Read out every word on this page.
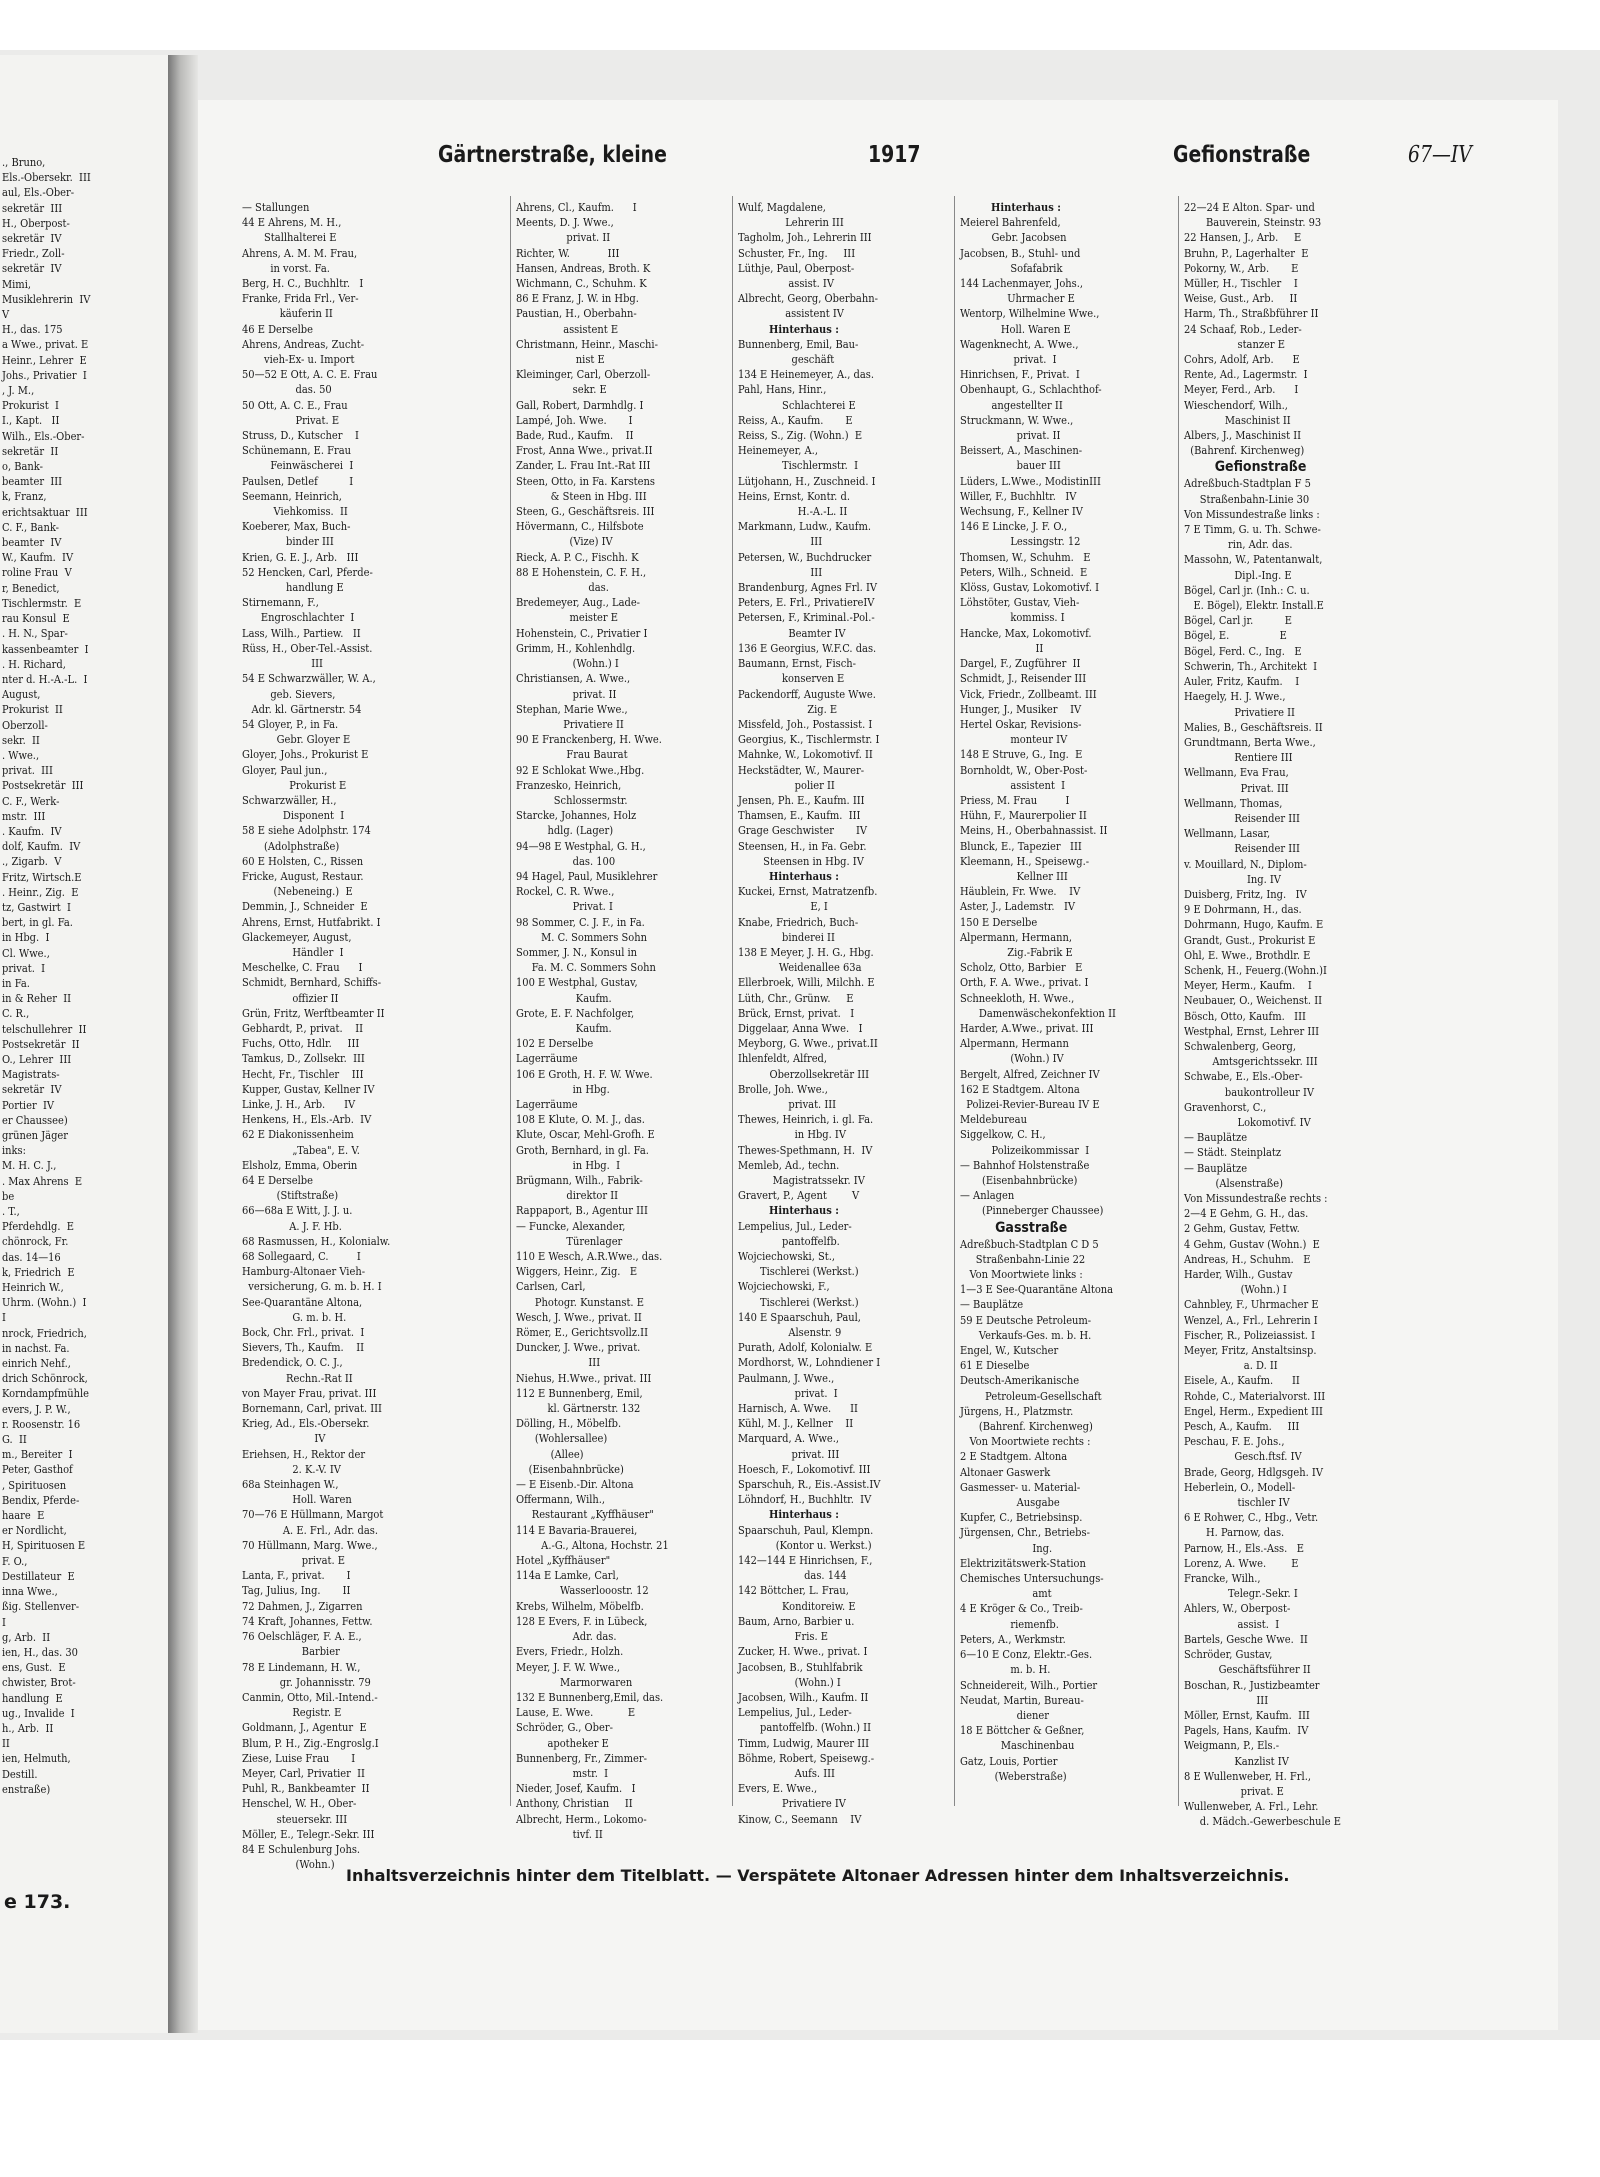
., Bruno,
Els.-Obersekr.  III
aul, Els.-Ober-
sekretär  III
H., Oberpost-
sekretär  IV
Friedr., Zoll-
sekretär  IV
Mimi,
Musiklehrerin  IV
V
H., das. 175
a Wwe., privat. E
Heinr., Lehrer  E
Johs., Privatier  I
, J. M.,
Prokurist  I
I., Kapt.   II
Wilh., Els.-Ober-
sekretär  II
o, Bank-
beamter  III
k, Franz,
erichtsaktuar  III
C. F., Bank-
beamter  IV
W., Kaufm.  IV
roline Frau  V
r, Benedict,
Tischlermstr.  E
rau Konsul  E
. H. N., Spar-
kassenbeamter  I
. H. Richard,
nter d. H.-A.-L.  I
August,
Prokurist  II
Oberzoll-
sekr.  II
. Wwe.,
privat.  III
Postsekretär  III
C. F., Werk-
mstr.  III
. Kaufm.  IV
dolf, Kaufm.  IV
., Zigarb.  V
Fritz, Wirtsch.E
. Heinr., Zig.  E
tz, Gastwirt  I
bert, in gl. Fa.
in Hbg.  I
Cl. Wwe.,
privat.  I
in Fa.
in & Reher  II
C. R.,
telschullehrer  II
Postsekretär  II
O., Lehrer  III
Magistrats-
sekretär  IV
Portier  IV
er Chaussee)
grünen Jäger
inks:
M. H. C. J.,
. Max Ahrens  E
be
. T.,
Pferdehdlg.  E
chönrock, Fr.
das. 14—16
k, Friedrich  E
Heinrich W.,
Uhrm. (Wohn.)  I
I
nrock, Friedrich,
in nachst. Fa.
einrich Nehf.,
drich Schönrock,
Korndampfmühle
evers, J. P. W.,
r. Roosenstr. 16
G.  II
m., Bereiter  I
Peter, Gasthof
, Spirituosen
Bendix, Pferde-
haare  E
er Nordlicht,
H, Spirituosen E
F. O.,
Destillateur  E
inna Wwe.,
ßig. Stellenver-
I
g, Arb.  II
ien, H., das. 30
ens, Gust.  E
chwister, Brot-
handlung  E
ug., Invalide  I
h., Arb.  II
II
ien, Helmuth,
Destill.
enstraße)
e 173.
Gärtnerstraße, kleine	1917	Gefionstraße	67—IV
— Stallungen
44 E Ahrens, M. H.,
Stallhalterei E
Ahrens, A. M. M. Frau,
in vorst. Fa.
Berg, H. C., Buchhltr.   I
Franke, Frida Frl., Ver-
käuferin II
46 E Derselbe
Ahrens, Andreas, Zucht-
vieh-Ex- u. Import
50—52 E Ott, A. C. E. Frau
das. 50
50 Ott, A. C. E., Frau
Privat. E
Struss, D., Kutscher    I
Schünemann, E. Frau
Feinwäscherei  I
Paulsen, Detlef          I
Seemann, Heinrich,
Viehkomiss.  II
Koeberer, Max, Buch-
binder III
Krien, G. E. J., Arb.   III
52 Hencken, Carl, Pferde-
handlung E
Stirnemann, F.,
Engroschlachter  I
Lass, Wilh., Partiew.   II
Rüss, H., Ober-Tel.-Assist.
III
54 E Schwarzwäller, W. A.,
geb. Sievers,
Adr. kl. Gärtnerstr. 54
54 Gloyer, P., in Fa.
Gebr. Gloyer E
Gloyer, Johs., Prokurist E
Gloyer, Paul jun.,
Prokurist E
Schwarzwäller, H.,
Disponent  I
58 E siehe Adolphstr. 174
(Adolphstraße)
60 E Holsten, C., Rissen
Fricke, August, Restaur.
(Nebeneing.)  E
Demmin, J., Schneider  E
Ahrens, Ernst, Hutfabrikt. I
Glackemeyer, August,
Händler  I
Meschelke, C. Frau      I
Schmidt, Bernhard, Schiffs-
offizier II
Grün, Fritz, Werftbeamter II
Gebhardt, P., privat.    II
Fuchs, Otto, Hdlr.     III
Tamkus, D., Zollsekr.  III
Hecht, Fr., Tischler    III
Kupper, Gustav, Kellner IV
Linke, J. H., Arb.      IV
Henkens, H., Els.-Arb.  IV
62 E Diakonissenheim
„Tabea", E. V.
Elsholz, Emma, Oberin
64 E Derselbe
(Stiftstraße)
66—68a E Witt, J. J. u.
A. J. F. Hb.
68 Rasmussen, H., Kolonialw.
68 Sollegaard, C.         I
Hamburg-Altonaer Vieh-
versicherung, G. m. b. H. I
See-Quarantäne Altona,
G. m. b. H.
Bock, Chr. Frl., privat.  I
Sievers, Th., Kaufm.    II
Bredendick, O. C. J.,
Rechn.-Rat II
von Mayer Frau, privat. III
Bornemann, Carl, privat. III
Krieg, Ad., Els.-Obersekr.
IV
Eriehsen, H., Rektor der
2. K.-V. IV
68a Steinhagen W.,
Holl. Waren
70—76 E Hüllmann, Margot
A. E. Frl., Adr. das.
70 Hüllmann, Marg. Wwe.,
privat. E
Lanta, F., privat.       I
Tag, Julius, Ing.       II
72 Dahmen, J., Zigarren
74 Kraft, Johannes, Fettw.
76 Oelschläger, F. A. E.,
Barbier
78 E Lindemann, H. W.,
gr. Johannisstr. 79
Canmin, Otto, Mil.-Intend.-
Registr. E
Goldmann, J., Agentur  E
Blum, P. H., Zig.-Engroslg.I
Ziese, Luise Frau       I
Meyer, Carl, Privatier  II
Puhl, R., Bankbeamter  II
Henschel, W. H., Ober-
steuersekr. III
Möller, E., Telegr.-Sekr. III
84 E Schulenburg Johs.
(Wohn.)
Ahrens, Cl., Kaufm.      I
Meents, D. J. Wwe.,
privat. II
Richter, W.            III
Hansen, Andreas, Broth. K
Wichmann, C., Schuhm. K
86 E Franz, J. W. in Hbg.
Paustian, H., Oberbahn-
assistent E
Christmann, Heinr., Maschi-
nist E
Kleiminger, Carl, Oberzoll-
sekr. E
Gall, Robert, Darmhdlg. I
Lampé, Joh. Wwe.       I
Bade, Rud., Kaufm.    II
Frost, Anna Wwe., privat.II
Zander, L. Frau Int.-Rat III
Steen, Otto, in Fa. Karstens
& Steen in Hbg. III
Steen, G., Geschäftsreis. III
Hövermann, C., Hilfsbote
(Vize) IV
Rieck, A. P. C., Fischh. K
88 E Hohenstein, C. F. H.,
das.
Bredemeyer, Aug., Lade-
meister E
Hohenstein, C., Privatier I
Grimm, H., Kohlenhdlg.
(Wohn.) I
Christiansen, A. Wwe.,
privat. II
Stephan, Marie Wwe.,
Privatiere II
90 E Franckenberg, H. Wwe.
Frau Baurat
92 E Schlokat Wwe.,Hbg.
Franzesko, Heinrich,
Schlossermstr.
Starcke, Johannes, Holz
hdlg. (Lager)
94—98 E Westphal, G. H.,
das. 100
94 Hagel, Paul, Musiklehrer
Rockel, C. R. Wwe.,
Privat. I
98 Sommer, C. J. F., in Fa.
M. C. Sommers Sohn
Sommer, J. N., Konsul in
Fa. M. C. Sommers Sohn
100 E Westphal, Gustav,
Kaufm.
Grote, E. F. Nachfolger,
Kaufm.
102 E Derselbe
Lagerräume
106 E Groth, H. F. W. Wwe.
in Hbg.
Lagerräume
108 E Klute, O. M. J., das.
Klute, Oscar, Mehl-Grofh. E
Groth, Bernhard, in gl. Fa.
in Hbg.  I
Brügmann, Wilh., Fabrik-
direktor II
Rappaport, B., Agentur III
— Funcke, Alexander,
Türenlager
110 E Wesch, A.R.Wwe., das.
Wiggers, Heinr., Zig.   E
Carlsen, Carl,
Photogr. Kunstanst. E
Wesch, J. Wwe., privat. II
Römer, E., Gerichtsvollz.II
Duncker, J. Wwe., privat.
III
Niehus, H.Wwe., privat. III
112 E Bunnenberg, Emil,
kl. Gärtnerstr. 132
Dölling, H., Möbelfb.
(Wohlersallee)
(Allee)
(Eisenbahnbrücke)
— E Eisenb.-Dir. Altona
Offermann, Wilh.,
Restaurant „Kyffhäuser"
114 E Bavaria-Brauerei,
A.-G., Altona, Hochstr. 21
Hotel „Kyffhäuser"
114a E Lamke, Carl,
Wasserlooostr. 12
Krebs, Wilhelm, Möbelfb.
128 E Evers, F. in Lübeck,
Adr. das.
Evers, Friedr., Holzh.
Meyer, J. F. W. Wwe.,
Marmorwaren
132 E Bunnenberg,Emil, das.
Lause, E. Wwe.           E
Schröder, G., Ober-
apotheker E
Bunnenberg, Fr., Zimmer-
mstr.  I
Nieder, Josef, Kaufm.   I
Anthony, Christian     II
Albrecht, Herm., Lokomo-
tivf. II
Wulf, Magdalene,
Lehrerin III
Tagholm, Joh., Lehrerin III
Schuster, Fr., Ing.     III
Lüthje, Paul, Oberpost-
assist. IV
Albrecht, Georg, Oberbahn-
assistent IV
Hinterhaus :
Bunnenberg, Emil, Bau-
geschäft
134 E Heinemeyer, A., das.
Pahl, Hans, Hinr.,
Schlachterei E
Reiss, A., Kaufm.       E
Reiss, S., Zig. (Wohn.)  E
Heinemeyer, A.,
Tischlermstr.  I
Lütjohann, H., Zuschneid. I
Heins, Ernst, Kontr. d.
H.-A.-L. II
Markmann, Ludw., Kaufm.
III
Petersen, W., Buchdrucker
III
Brandenburg, Agnes Frl. IV
Peters, E. Frl., PrivatiereIV
Petersen, F., Kriminal.-Pol.-
Beamter IV
136 E Georgius, W.F.C. das.
Baumann, Ernst, Fisch-
konserven E
Packendorff, Auguste Wwe.
Zig. E
Missfeld, Joh., Postassist. I
Georgius, K., Tischlermstr. I
Mahnke, W., Lokomotivf. II
Heckstädter, W., Maurer-
polier II
Jensen, Ph. E., Kaufm. III
Thamsen, E., Kaufm.  III
Grage Geschwister       IV
Steensen, H., in Fa. Gebr.
Steensen in Hbg. IV
Hinterhaus :
Kuckei, Ernst, Matratzenfb.
E, I
Knabe, Friedrich, Buch-
binderei II
138 E Meyer, J. H. G., Hbg.
Weidenallee 63a
Ellerbroek, Willi, Milchh. E
Lüth, Chr., Grünw.     E
Brück, Ernst, privat.   I
Diggelaar, Anna Wwe.   I
Meyborg, G. Wwe., privat.II
Ihlenfeldt, Alfred,
Oberzollsekretär III
Brolle, Joh. Wwe.,
privat. III
Thewes, Heinrich, i. gl. Fa.
in Hbg. IV
Thewes-Spethmann, H.  IV
Memleb, Ad., techn.
Magistratssekr. IV
Gravert, P., Agent        V
Hinterhaus :
Lempelius, Jul., Leder-
pantoffelfb.
Wojciechowski, St.,
Tischlerei (Werkst.)
Wojciechowski, F.,
Tischlerei (Werkst.)
140 E Spaarschuh, Paul,
Alsenstr. 9
Purath, Adolf, Kolonialw. E
Mordhorst, W., Lohndiener I
Paulmann, J. Wwe.,
privat.  I
Harnisch, A. Wwe.      II
Kühl, M. J., Kellner    II
Marquard, A. Wwe.,
privat. III
Hoesch, F., Lokomotivf. III
Sparschuh, R., Eis.-Assist.IV
Löhndorf, H., Buchhltr.  IV
Hinterhaus :
Spaarschuh, Paul, Klempn.
(Kontor u. Werkst.)
142—144 E Hinrichsen, F.,
das. 144
142 Böttcher, L. Frau,
Konditoreiw. E
Baum, Arno, Barbier u.
Fris. E
Zucker, H. Wwe., privat. I
Jacobsen, B., Stuhlfabrik
(Wohn.) I
Jacobsen, Wilh., Kaufm. II
Lempelius, Jul., Leder-
pantoffelfb. (Wohn.) II
Timm, Ludwig, Maurer III
Böhme, Robert, Speisewg.-
Aufs. III
Evers, E. Wwe.,
Privatiere IV
Kinow, C., Seemann    IV
Hinterhaus :
Meierel Bahrenfeld,
Gebr. Jacobsen
Jacobsen, B., Stuhl- und
Sofafabrik
144 Lachenmayer, Johs.,
Uhrmacher E
Wentorp, Wilhelmine Wwe.,
Holl. Waren E
Wagenknecht, A. Wwe.,
privat.  I
Hinrichsen, F., Privat.  I
Obenhaupt, G., Schlachthof-
angestellter II
Struckmann, W. Wwe.,
privat. II
Beissert, A., Maschinen-
bauer III
Lüders, L.Wwe., ModistinIII
Willer, F., Buchhltr.   IV
Wechsung, F., Kellner IV
146 E Lincke, J. F. O.,
Lessingstr. 12
Thomsen, W., Schuhm.   E
Peters, Wilh., Schneid.  E
Klöss, Gustav, Lokomotivf. I
Löhstöter, Gustav, Vieh-
kommiss. I
Hancke, Max, Lokomotivf.
II
Dargel, F., Zugführer  II
Schmidt, J., Reisender III
Vick, Friedr., Zollbeamt. III
Hunger, J., Musiker    IV
Hertel Oskar, Revisions-
monteur IV
148 E Struve, G., Ing.  E
Bornholdt, W., Ober-Post-
assistent  I
Priess, M. Frau         I
Hühn, F., Maurerpolier II
Meins, H., Oberbahnassist. II
Blunck, E., Tapezier   III
Kleemann, H., Speisewg.-
Kellner III
Häublein, Fr. Wwe.    IV
Aster, J., Lademstr.   IV
150 E Derselbe
Alpermann, Hermann,
Zig.-Fabrik E
Scholz, Otto, Barbier   E
Orth, F. A. Wwe., privat. I
Schneekloth, H. Wwe.,
Damenwäschekonfektion II
Harder, A.Wwe., privat. III
Alpermann, Hermann
(Wohn.) IV
Bergelt, Alfred, Zeichner IV
162 E Stadtgem. Altona
Polizei-Revier-Bureau IV E
Meldebureau
Siggelkow, C. H.,
Polizeikommissar  I
— Bahnhof Holstenstraße
(Eisenbahnbrücke)
— Anlagen
(Pinneberger Chaussee)
Gasstraße
Adreßbuch-Stadtplan C D 5
Straßenbahn-Linie 22
Von Moortwiete links :
1—3 E See-Quarantäne Altona
— Bauplätze
59 E Deutsche Petroleum-
Verkaufs-Ges. m. b. H.
Engel, W., Kutscher
61 E Dieselbe
Deutsch-Amerikanische
Petroleum-Gesellschaft
Jürgens, H., Platzmstr.
(Bahrenf. Kirchenweg)
Von Moortwiete rechts :
2 E Stadtgem. Altona
Altonaer Gaswerk
Gasmesser- u. Material-
Ausgabe
Kupfer, C., Betriebsinsp.
Jürgensen, Chr., Betriebs-
Ing.
Elektrizitätswerk-Station
Chemisches Untersuchungs-
amt
4 E Kröger & Co., Treib-
riemenfb.
Peters, A., Werkmstr.
6—10 E Conz, Elektr.-Ges.
m. b. H.
Schneidereit, Wilh., Portier
Neudat, Martin, Bureau-
diener
18 E Böttcher & Geßner,
Maschinenbau
Gatz, Louis, Portier
(Weberstraße)
22—24 E Alton. Spar- und
Bauverein, Steinstr. 93
22 Hansen, J., Arb.     E
Bruhn, P., Lagerhalter  E
Pokorny, W., Arb.       E
Müller, H., Tischler    I
Weise, Gust., Arb.     II
Harm, Th., Straßbführer II
24 Schaaf, Rob., Leder-
stanzer E
Cohrs, Adolf, Arb.      E
Rente, Ad., Lagermstr.  I
Meyer, Ferd., Arb.      I
Wieschendorf, Wilh.,
Maschinist II
Albers, J., Maschinist II
(Bahrenf. Kirchenweg)
Gefionstraße
Adreßbuch-Stadtplan F 5
Straßenbahn-Linie 30
Von Missundestraße links :
7 E Timm, G. u. Th. Schwe-
rin, Adr. das.
Massohn, W., Patentanwalt,
Dipl.-Ing. E
Bögel, Carl jr. (Inh.: C. u.
E. Bögel), Elektr. Install.E
Bögel, Carl jr.          E
Bögel, E.                E
Bögel, Ferd. C., Ing.   E
Schwerin, Th., Architekt  I
Auler, Fritz, Kaufm.    I
Haegely, H. J. Wwe.,
Privatiere II
Malies, B., Geschäftsreis. II
Grundtmann, Berta Wwe.,
Rentiere III
Wellmann, Eva Frau,
Privat. III
Wellmann, Thomas,
Reisender III
Wellmann, Lasar,
Reisender III
v. Mouillard, N., Diplom-
Ing. IV
Duisberg, Fritz, Ing.   IV
9 E Dohrmann, H., das.
Dohrmann, Hugo, Kaufm. E
Grandt, Gust., Prokurist E
Ohl, E. Wwe., Brothdlr. E
Schenk, H., Feuerg.(Wohn.)I
Meyer, Herm., Kaufm.    I
Neubauer, O., Weichenst. II
Bösch, Otto, Kaufm.   III
Westphal, Ernst, Lehrer III
Schwalenberg, Georg,
Amtsgerichtssekr. III
Schwabe, E., Els.-Ober-
baukontrolleur IV
Gravenhorst, C.,
Lokomotivf. IV
— Bauplätze
— Städt. Steinplatz
— Bauplätze
(Alsenstraße)
Von Missundestraße rechts :
2—4 E Gehm, G. H., das.
2 Gehm, Gustav, Fettw.
4 Gehm, Gustav (Wohn.)  E
Andreas, H., Schuhm.   E
Harder, Wilh., Gustav
(Wohn.) I
Cahnbley, F., Uhrmacher E
Wenzel, A., Frl., Lehrerin I
Fischer, R., Polizeiassist. I
Meyer, Fritz, Anstaltsinsp.
a. D. II
Eisele, A., Kaufm.      II
Rohde, C., Materialvorst. III
Engel, Herm., Expedient III
Pesch, A., Kaufm.     III
Peschau, F. E. Johs.,
Gesch.ftsf. IV
Brade, Georg, Hdlgsgeh. IV
Heberlein, O., Modell-
tischler IV
6 E Rohwer, C., Hbg., Vetr.
H. Parnow, das.
Parnow, H., Els.-Ass.   E
Lorenz, A. Wwe.        E
Francke, Wilh.,
Telegr.-Sekr. I
Ahlers, W., Oberpost-
assist.  I
Bartels, Gesche Wwe.  II
Schröder, Gustav,
Geschäftsführer II
Boschan, R., Justizbeamter
III
Möller, Ernst, Kaufm.  III
Pagels, Hans, Kaufm.  IV
Weigmann, P., Els.-
Kanzlist IV
8 E Wullenweber, H. Frl.,
privat. E
Wullenweber, A. Frl., Lehr.
d. Mädch.-Gewerbeschule E
Inhaltsverzeichnis hinter dem Titelblatt. — Verspätete Altonaer Adressen hinter dem Inhaltsverzeichnis.
